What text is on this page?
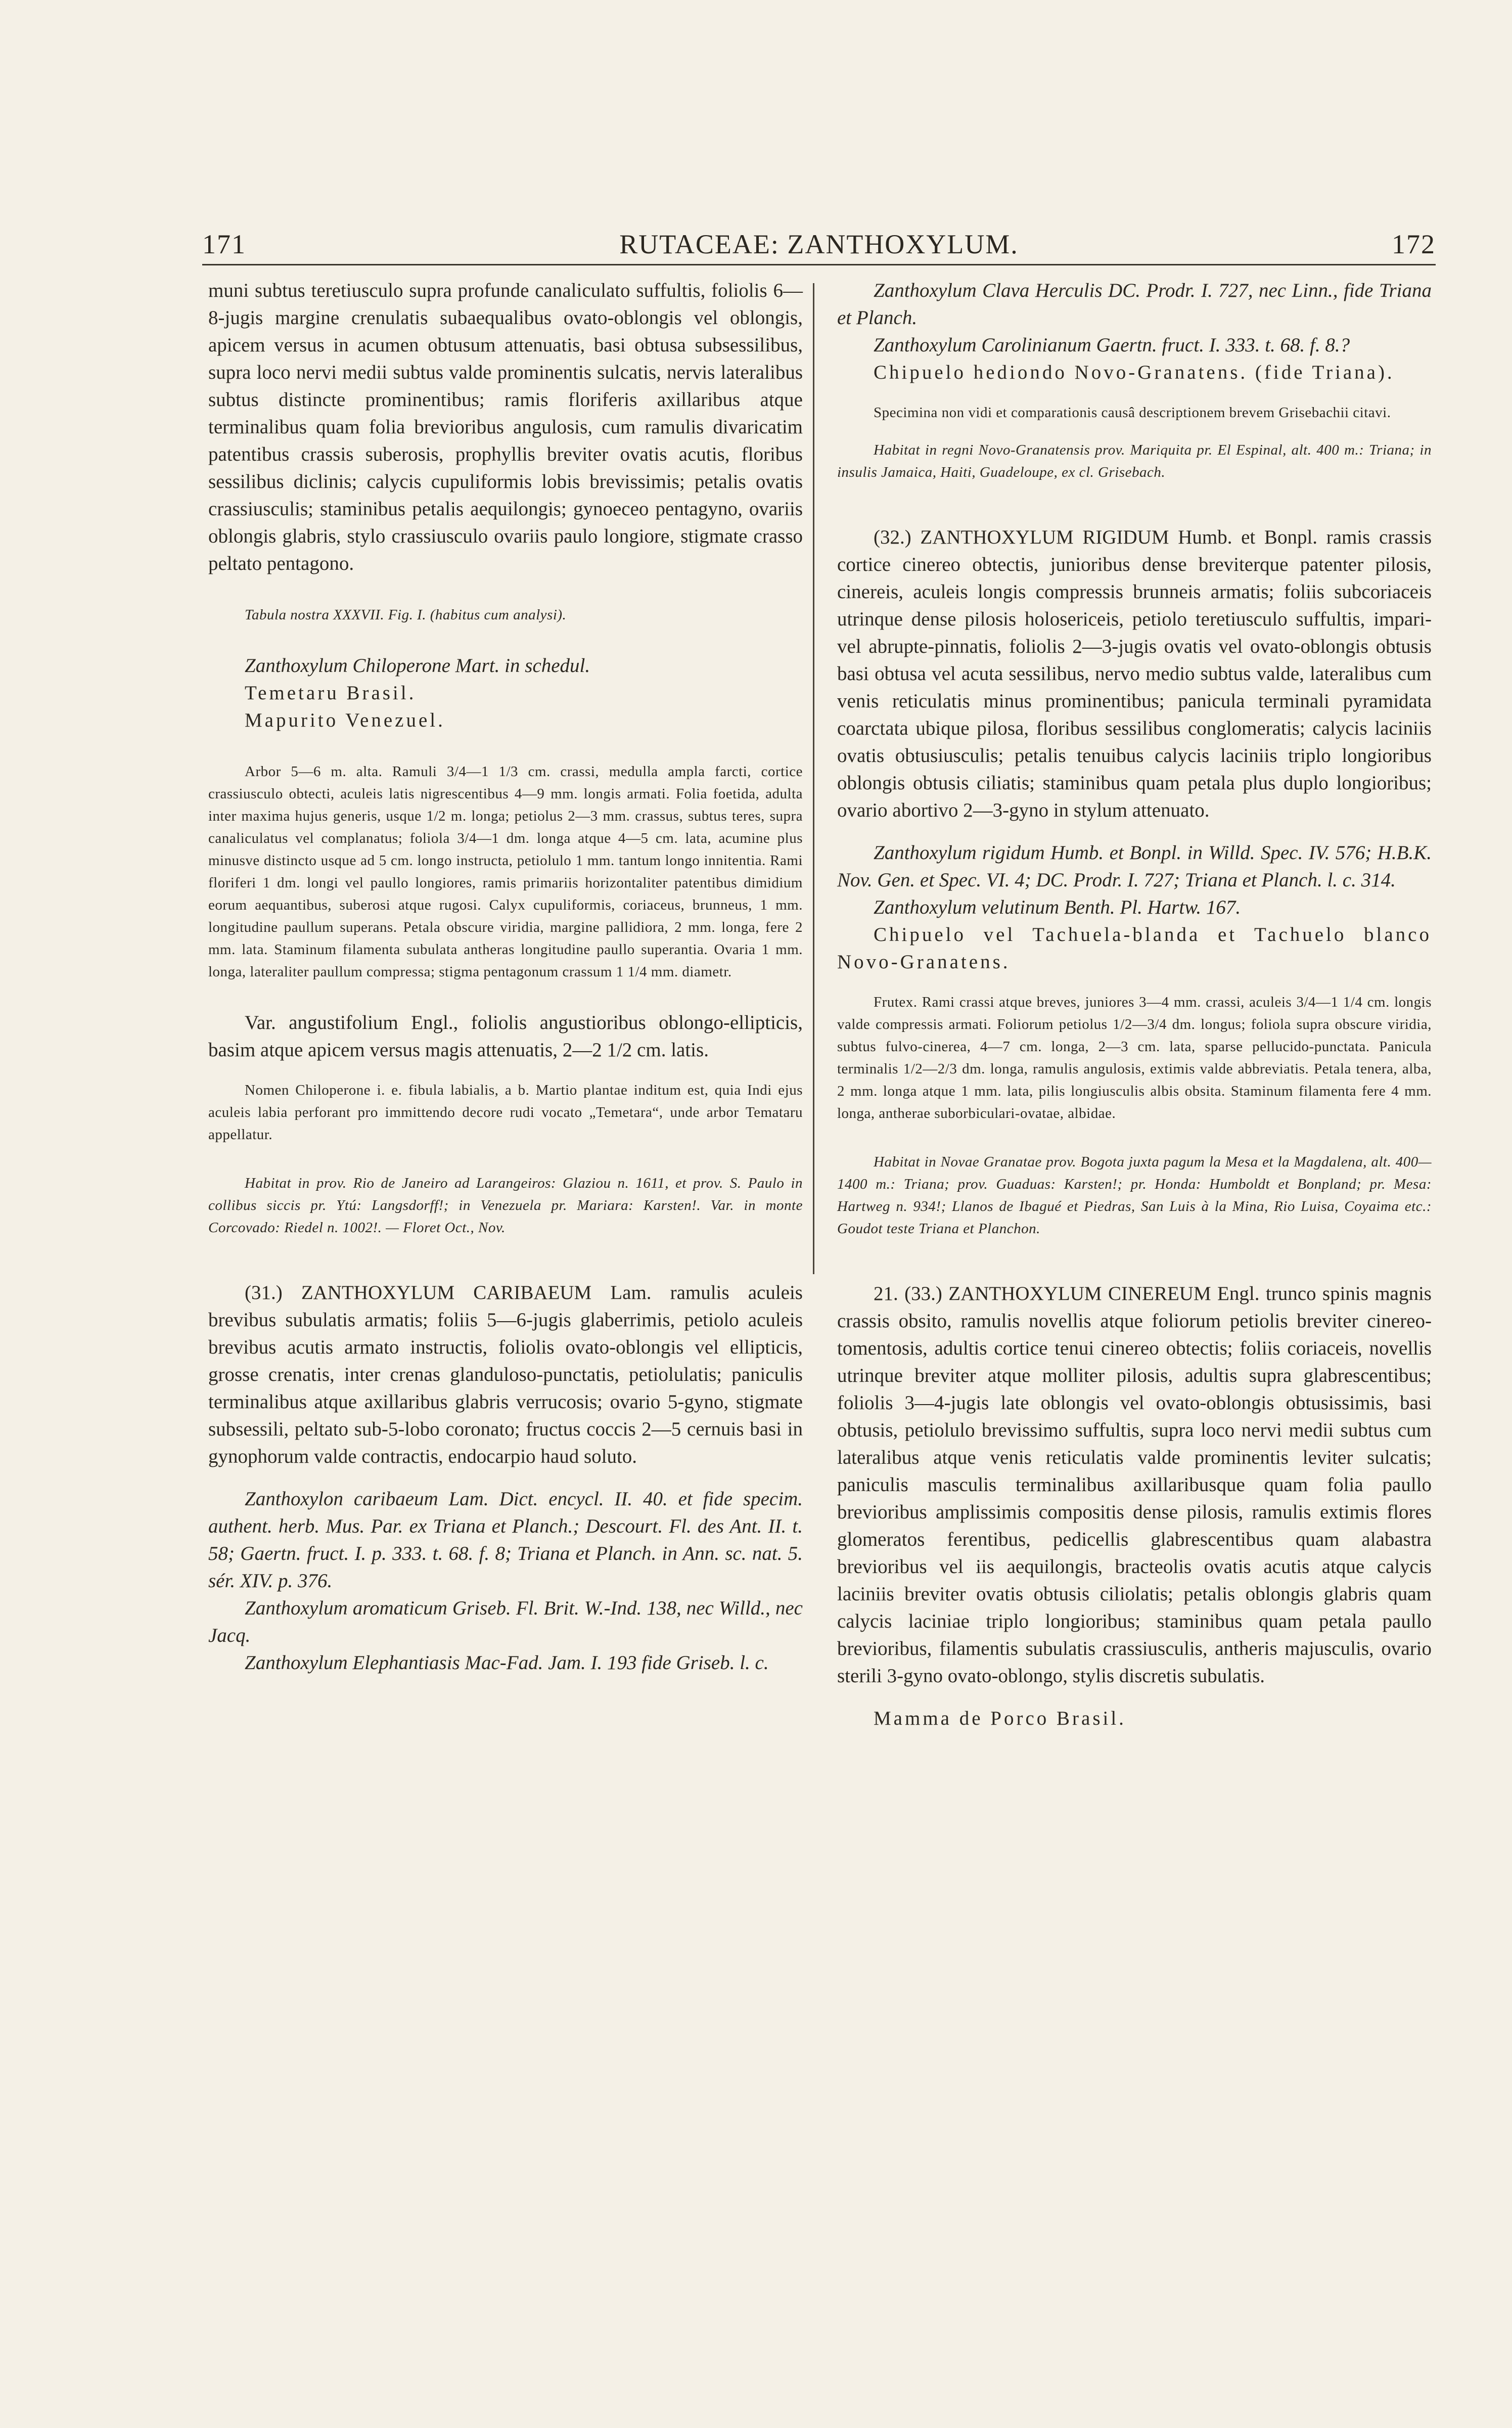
171	RUTACEAE: ZANTHOXYLUM.	172

muni subtus teretiusculo supra profunde canaliculato suffultis, foliolis 6—8-jugis margine crenulatis subaequalibus ovato-oblongis vel oblongis, apicem versus in acumen obtusum attenuatis, basi obtusa subsessilibus, supra loco nervi medii subtus valde prominentis sulcatis, nervis lateralibus subtus distincte prominentibus; ramis floriferis axillaribus atque terminalibus quam folia brevioribus angulosis, cum ramulis divaricatim patentibus crassis suberosis, prophyllis breviter ovatis acutis, floribus sessilibus diclinis; calycis cupuliformis lobis brevissimis; petalis ovatis crassiusculis; staminibus petalis aequilongis; gynoeceo pentagyno, ovariis oblongis glabris, stylo crassiusculo ovariis paulo longiore, stigmate crasso peltato pentagono.

Tabula nostra XXXVII. Fig. I. (habitus cum analysi).

Zanthoxylum Chiloperone Mart. in schedul.

Temetaru Brasil.

Mapurito Venezuel.

Arbor 5—6 m. alta. Ramuli 3/4—1 1/3 cm. crassi, medulla ampla farcti, cortice crassiusculo obtecti, aculeis latis nigrescentibus 4—9 mm. longis armati. Folia foetida, adulta inter maxima hujus generis, usque 1/2 m. longa; petiolus 2—3 mm. crassus, subtus teres, supra canaliculatus vel complanatus; foliola 3/4—1 dm. longa atque 4—5 cm. lata, acumine plus minusve distincto usque ad 5 cm. longo instructa, petiolulo 1 mm. tantum longo innitentia. Rami floriferi 1 dm. longi vel paullo longiores, ramis primariis horizontaliter patentibus dimidium eorum aequantibus, suberosi atque rugosi. Calyx cupuliformis, coriaceus, brunneus, 1 mm. longitudine paullum superans. Petala obscure viridia, margine pallidiora, 2 mm. longa, fere 2 mm. lata. Staminum filamenta subulata antheras longitudine paullo superantia. Ovaria 1 mm. longa, lateraliter paullum compressa; stigma pentagonum crassum 1 1/4 mm. diametr.

Var. angustifolium Engl., foliolis angustioribus oblongo-ellipticis, basim atque apicem versus magis attenuatis, 2—2 1/2 cm. latis.

Nomen Chiloperone i. e. fibula labialis, a b. Martio plantae inditum est, quia Indi ejus aculeis labia perforant pro immittendo decore rudi vocato „Temetara“, unde arbor Temataru appellatur.

Habitat in prov. Rio de Janeiro ad Larangeiros: Glaziou n. 1611, et prov. S. Paulo in collibus siccis pr. Ytú: Langsdorff!; in Venezuela pr. Mariara: Karsten!. Var. in monte Corcovado: Riedel n. 1002!. — Floret Oct., Nov.

(31.) ZANTHOXYLUM CARIBAEUM Lam. ramulis aculeis brevibus subulatis armatis; foliis 5—6-jugis glaberrimis, petiolo aculeis brevibus acutis armato instructis, foliolis ovato-oblongis vel ellipticis, grosse crenatis, inter crenas glanduloso-punctatis, petiolulatis; paniculis terminalibus atque axillaribus glabris verrucosis; ovario 5-gyno, stigmate subsessili, peltato sub-5-lobo coronato; fructus coccis 2—5 cernuis basi in gynophorum valde contractis, endocarpio haud soluto.

Zanthoxylon caribaeum Lam. Dict. encycl. II. 40. et fide specim. authent. herb. Mus. Par. ex Triana et Planch.; Descourt. Fl. des Ant. II. t. 58; Gaertn. fruct. I. p. 333. t. 68. f. 8; Triana et Planch. in Ann. sc. nat. 5. sér. XIV. p. 376.

Zanthoxylum aromaticum Griseb. Fl. Brit. W.-Ind. 138, nec Willd., nec Jacq.

Zanthoxylum Elephantiasis Mac-Fad. Jam. I. 193 fide Griseb. l. c.

Zanthoxylum Clava Herculis DC. Prodr. I. 727, nec Linn., fide Triana et Planch.

Zanthoxylum Carolinianum Gaertn. fruct. I. 333. t. 68. f. 8.?

Chipuelo hediondo Novo-Granatens. (fide Triana).

Specimina non vidi et comparationis causâ descriptionem brevem Grisebachii citavi.

Habitat in regni Novo-Granatensis prov. Mariquita pr. El Espinal, alt. 400 m.: Triana; in insulis Jamaica, Haiti, Guadeloupe, ex cl. Grisebach.

(32.) ZANTHOXYLUM RIGIDUM Humb. et Bonpl. ramis crassis cortice cinereo obtectis, junioribus dense breviterque patenter pilosis, cinereis, aculeis longis compressis brunneis armatis; foliis subcoriaceis utrinque dense pilosis holosericeis, petiolo teretiusculo suffultis, impari- vel abrupte-pinnatis, foliolis 2—3-jugis ovatis vel ovato-oblongis obtusis basi obtusa vel acuta sessilibus, nervo medio subtus valde, lateralibus cum venis reticulatis minus prominentibus; panicula terminali pyramidata coarctata ubique pilosa, floribus sessilibus conglomeratis; calycis laciniis ovatis obtusiusculis; petalis tenuibus calycis laciniis triplo longioribus oblongis obtusis ciliatis; staminibus quam petala plus duplo longioribus; ovario abortivo 2—3-gyno in stylum attenuato.

Zanthoxylum rigidum Humb. et Bonpl. in Willd. Spec. IV. 576; H.B.K. Nov. Gen. et Spec. VI. 4; DC. Prodr. I. 727; Triana et Planch. l. c. 314.

Zanthoxylum velutinum Benth. Pl. Hartw. 167.

Chipuelo vel Tachuela-blanda et Tachuelo blanco Novo-Granatens.

Frutex. Rami crassi atque breves, juniores 3—4 mm. crassi, aculeis 3/4—1 1/4 cm. longis valde compressis armati. Foliorum petiolus 1/2—3/4 dm. longus; foliola supra obscure viridia, subtus fulvo-cinerea, 4—7 cm. longa, 2—3 cm. lata, sparse pellucido-punctata. Panicula terminalis 1/2—2/3 dm. longa, ramulis angulosis, extimis valde abbreviatis. Petala tenera, alba, 2 mm. longa atque 1 mm. lata, pilis longiusculis albis obsita. Staminum filamenta fere 4 mm. longa, antherae suborbiculari-ovatae, albidae.

Habitat in Novae Granatae prov. Bogota juxta pagum la Mesa et la Magdalena, alt. 400—1400 m.: Triana; prov. Guaduas: Karsten!; pr. Honda: Humboldt et Bonpland; pr. Mesa: Hartweg n. 934!; Llanos de Ibagué et Piedras, San Luis à la Mina, Rio Luisa, Coyaima etc.: Goudot teste Triana et Planchon.

21. (33.) ZANTHOXYLUM CINEREUM Engl. trunco spinis magnis crassis obsito, ramulis novellis atque foliorum petiolis breviter cinereo-tomentosis, adultis cortice tenui cinereo obtectis; foliis coriaceis, novellis utrinque breviter atque molliter pilosis, adultis supra glabrescentibus; foliolis 3—4-jugis late oblongis vel ovato-oblongis obtusissimis, basi obtusis, petiolulo brevissimo suffultis, supra loco nervi medii subtus cum lateralibus atque venis reticulatis valde prominentis leviter sulcatis; paniculis masculis terminalibus axillaribusque quam folia paullo brevioribus amplissimis compositis dense pilosis, ramulis extimis flores glomeratos ferentibus, pedicellis glabrescentibus quam alabastra brevioribus vel iis aequilongis, bracteolis ovatis acutis atque calycis laciniis breviter ovatis obtusis ciliolatis; petalis oblongis glabris quam calycis laciniae triplo longioribus; staminibus quam petala paullo brevioribus, filamentis subulatis crassiusculis, antheris majusculis, ovario sterili 3-gyno ovato-oblongo, stylis discretis subulatis.

Mamma de Porco Brasil.
